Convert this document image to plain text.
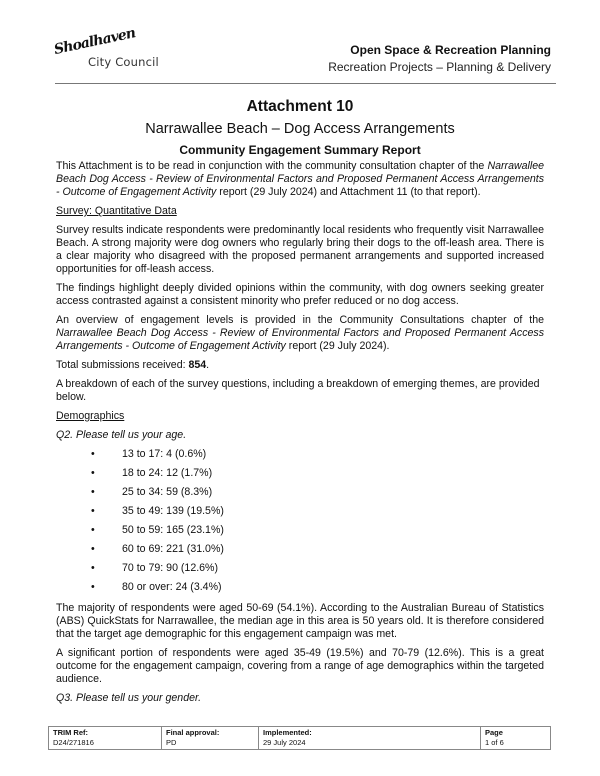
Shoalhaven
City Council
Open Space & Recreation Planning
Recreation Projects – Planning & Delivery
Attachment 10
Narrawallee Beach – Dog Access Arrangements
Community Engagement Summary Report

This Attachment is to be read in conjunction with the community consultation chapter of the Narrawallee Beach Dog Access - Review of Environmental Factors and Proposed Permanent Access Arrangements - Outcome of Engagement Activity report (29 July 2024) and Attachment 11 (to that report).

Survey: Quantitative Data

Survey results indicate respondents were predominantly local residents who frequently visit Narrawallee Beach. A strong majority were dog owners who regularly bring their dogs to the off-leash area. There is a clear majority who disagreed with the proposed permanent arrangements and supported increased opportunities for off-leash access.

The findings highlight deeply divided opinions within the community, with dog owners seeking greater access contrasted against a consistent minority who prefer reduced or no dog access.

An overview of engagement levels is provided in the Community Consultations chapter of the Narrawallee Beach Dog Access - Review of Environmental Factors and Proposed Permanent Access Arrangements - Outcome of Engagement Activity report (29 July 2024).

Total submissions received: 854.

A breakdown of each of the survey questions, including a breakdown of emerging themes, are provided below.

Demographics

Q2. Please tell us your age.

•	13 to 17: 4 (0.6%)
•	18 to 24: 12 (1.7%)
•	25 to 34: 59 (8.3%)
•	35 to 49: 139 (19.5%)
•	50 to 59: 165 (23.1%)
•	60 to 69: 221 (31.0%)
•	70 to 79: 90 (12.6%)
•	80 or over: 24 (3.4%)

The majority of respondents were aged 50-69 (54.1%). According to the Australian Bureau of Statistics (ABS) QuickStats for Narrawallee, the median age in this area is 50 years old. It is therefore considered that the target age demographic for this engagement campaign was met.

A significant portion of respondents were aged 35-49 (19.5%) and 70-79 (12.6%). This is a great outcome for the engagement campaign, covering from a range of age demographics within the targeted audience.

Q3. Please tell us your gender.

TRIM Ref:
D24/271816

Final approval:
PD

Implemented:
29 July 2024

Page
1 of 6
